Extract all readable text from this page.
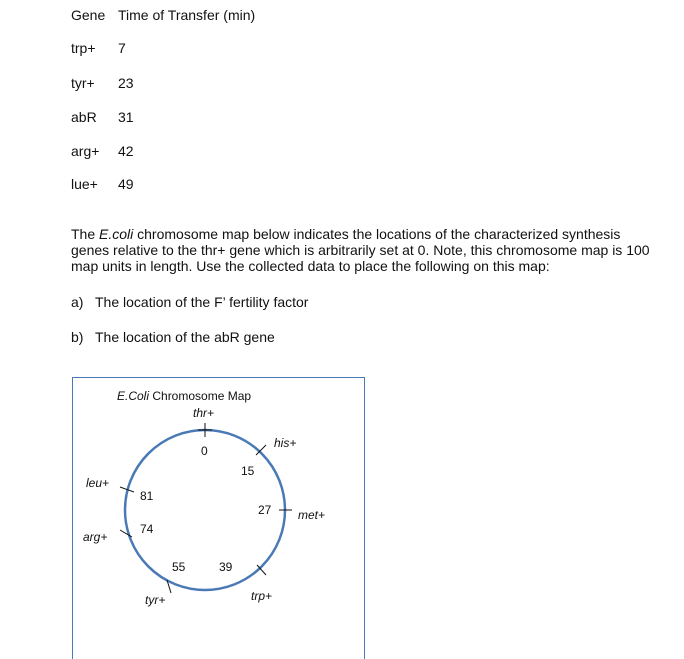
Gene Time of Transfer (min)
trp+ 7
tyr+ 23
abR 31
arg+ 42
lue+ 49

The E.coli chromosome map below indicates the locations of the characterized synthesis genes relative to the thr+ gene which is arbitrarily set at 0. Note, this chromosome map is 100 map units in length. Use the collected data to place the following on this map:

a) The location of the F’ fertility factor
b) The location of the abR gene
E.Coli Chromosome Map
thr+
his+
met+
trp+
tyr+
arg+
leu+
0
15
27
39
55
74
81
